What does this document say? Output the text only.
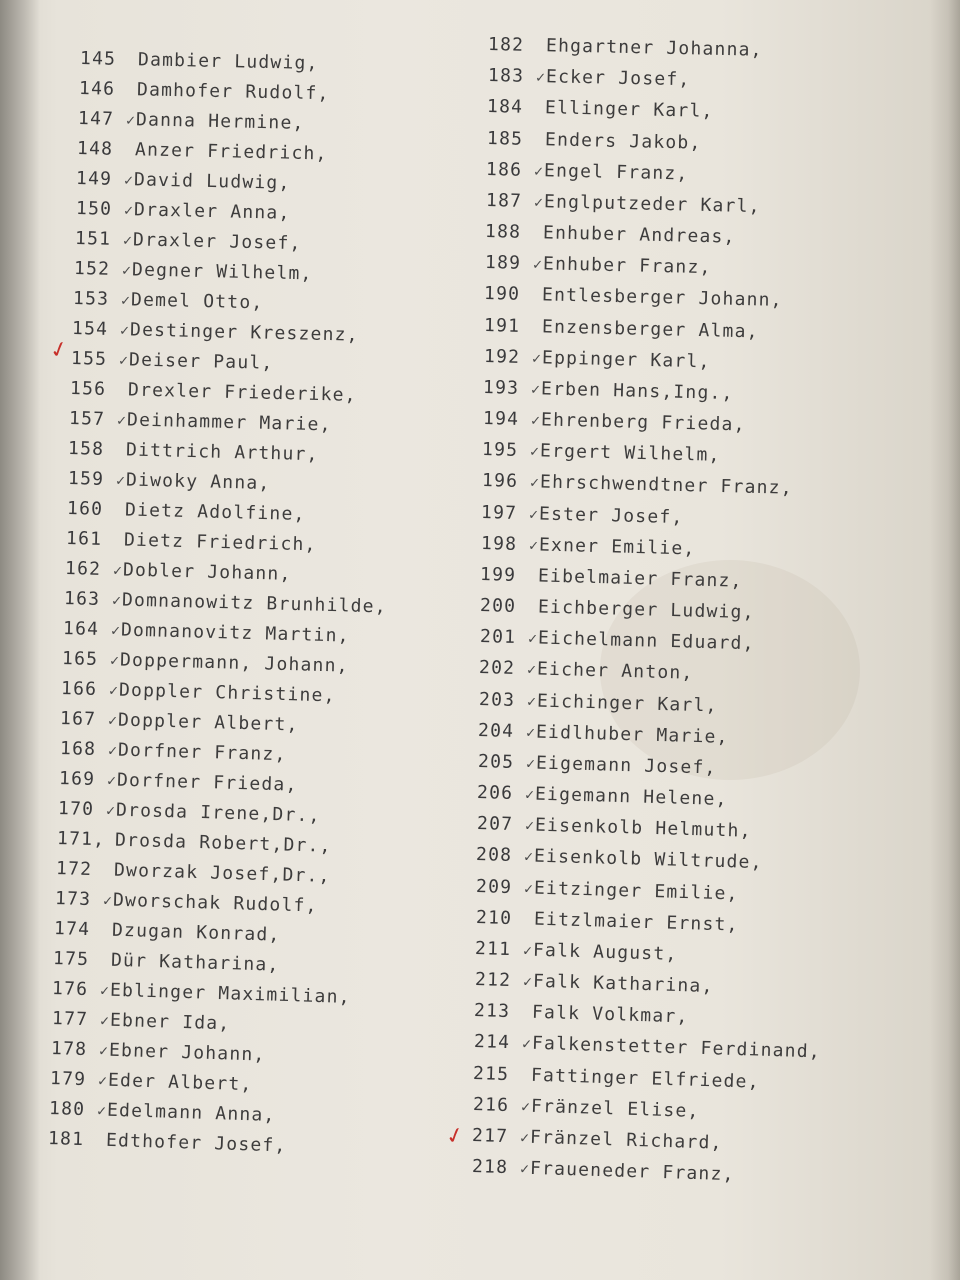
145 Dambier Ludwig,
146 Damhofer Rudolf,
147 ✓Danna Hermine,
148 Anzer Friedrich,
149 ✓David Ludwig,
150 ✓Draxler Anna,
151 ✓Draxler Josef,
152 ✓Degner Wilhelm,
153 ✓Demel Otto,
154 ✓Destinger Kreszenz,
155 ✓Deiser Paul,
156 Drexler Friederike,
157 ✓Deinhammer Marie,
158 Dittrich Arthur,
159 ✓Diwoky Anna,
160 Dietz Adolfine,
161 Dietz Friedrich,
162 ✓Dobler Johann,
163 ✓Domnanowitz Brunhilde,
164 ✓Domnanovitz Martin,
165 ✓Doppermann, Johann,
166 ✓Doppler Christine,
167 ✓Doppler Albert,
168 ✓Dorfner Franz,
169 ✓Dorfner Frieda,
170 ✓Drosda Irene,Dr.,
171, Drosda Robert,Dr.,
172 Dworzak Josef,Dr.,
173 ✓Dworschak Rudolf,
174 Dzugan Konrad,
175 Dür Katharina,
176 ✓Eblinger Maximilian,
177 ✓Ebner Ida,
178 ✓Ebner Johann,
179 ✓Eder Albert,
180 ✓Edelmann Anna,
181 Edthofer Josef,
182 Ehgartner Johanna,
183 ✓Ecker Josef,
184 Ellinger Karl,
185 Enders Jakob,
186 ✓Engel Franz,
187 ✓Englputzeder Karl,
188 Enhuber Andreas,
189 ✓Enhuber Franz,
190 Entlesberger Johann,
191 Enzensberger Alma,
192 ✓Eppinger Karl,
193 ✓Erben Hans,Ing.,
194 ✓Ehrenberg Frieda,
195 ✓Ergert Wilhelm,
196 ✓Ehrschwendtner Franz,
197 ✓Ester Josef,
198 ✓Exner Emilie,
199 Eibelmaier Franz,
200 Eichberger Ludwig,
201 ✓Eichelmann Eduard,
202 ✓Eicher Anton,
203 ✓Eichinger Karl,
204 ✓Eidlhuber Marie,
205 ✓Eigemann Josef,
206 ✓Eigemann Helene,
207 ✓Eisenkolb Helmuth,
208 ✓Eisenkolb Wiltrude,
209 ✓Eitzinger Emilie,
210 Eitzlmaier Ernst,
211 ✓Falk August,
212 ✓Falk Katharina,
213 Falk Volkmar,
214 ✓Falkenstetter Ferdinand,
215 Fattinger Elfriede,
216 ✓Fränzel Elise,
217 ✓Fränzel Richard,
218 ✓Fraueneder Franz,
✓
✓
